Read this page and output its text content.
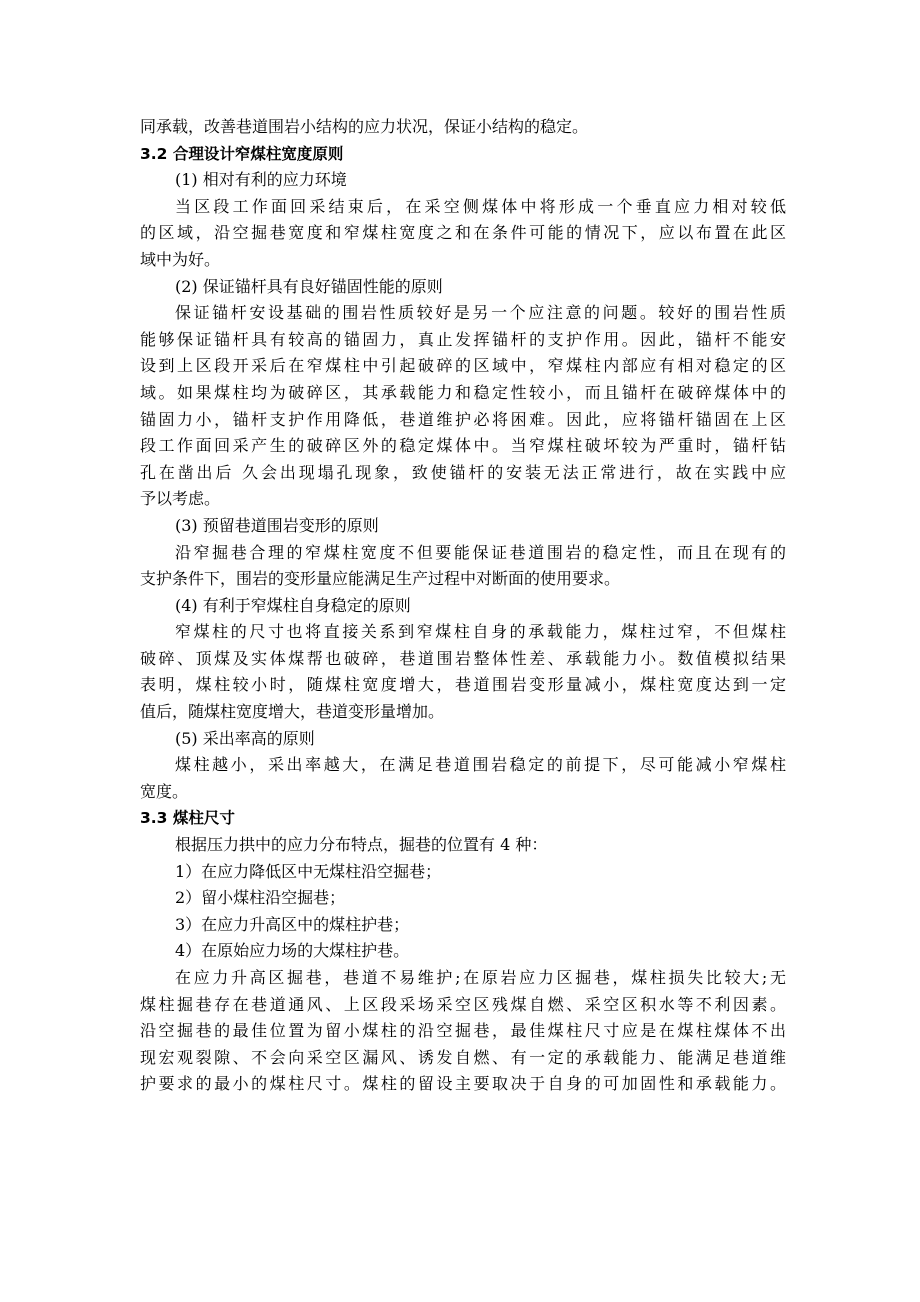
同承载，改善巷道围岩小结构的应力状况，保证小结构的稳定。
3.2 合理设计窄煤柱宽度原则
(1) 相对有利的应力环境
当区段工作面回采结束后，在采空侧煤体中将形成一个垂直应力相对较低
的区域，沿空掘巷宽度和窄煤柱宽度之和在条件可能的情况下，应以布置在此区
域中为好。
(2) 保证锚杆具有良好锚固性能的原则
保证锚杆安设基础的围岩性质较好是另一个应注意的问题。较好的围岩性质
能够保证锚杆具有较高的锚固力，真止发挥锚杆的支护作用。因此，锚杆不能安
设到上区段开采后在窄煤柱中引起破碎的区域中，窄煤柱内部应有相对稳定的区
域。如果煤柱均为破碎区，其承载能力和稳定性较小，而且锚杆在破碎煤体中的
锚固力小，锚杆支护作用降低，巷道维护必将困难。因此，应将锚杆锚固在上区
段工作面回采产生的破碎区外的稳定煤体中。当窄煤柱破坏较为严重时，锚杆钻
孔在凿出后 久会出现塌孔现象，致使锚杆的安装无法正常进行，故在实践中应
予以考虑。
(3) 预留巷道围岩变形的原则
沿窄掘巷合理的窄煤柱宽度不但要能保证巷道围岩的稳定性，而且在现有的
支护条件下，围岩的变形量应能满足生产过程中对断面的使用要求。
(4) 有利于窄煤柱自身稳定的原则
窄煤柱的尺寸也将直接关系到窄煤柱自身的承载能力，煤柱过窄，不但煤柱
破碎、顶煤及实体煤帮也破碎，巷道围岩整体性差、承载能力小。数值模拟结果
表明，煤柱较小时，随煤柱宽度增大，巷道围岩变形量减小，煤柱宽度达到一定
值后，随煤柱宽度增大，巷道变形量增加。
(5) 采出率高的原则
煤柱越小，采出率越大，在满足巷道围岩稳定的前提下，尽可能减小窄煤柱
宽度。
3.3 煤柱尺寸
根据压力拱中的应力分布特点，掘巷的位置有 4 种：
1）在应力降低区中无煤柱沿空掘巷；
2）留小煤柱沿空掘巷；
3）在应力升高区中的煤柱护巷；
4）在原始应力场的大煤柱护巷。
在应力升高区掘巷，巷道不易维护;在原岩应力区掘巷，煤柱损失比较大;无
煤柱掘巷存在巷道通风、上区段采场采空区残煤自燃、采空区积水等不利因素。
沿空掘巷的最佳位置为留小煤柱的沿空掘巷，最佳煤柱尺寸应是在煤柱煤体不出
现宏观裂隙、不会向采空区漏风、诱发自燃、有一定的承载能力、能满足巷道维
护要求的最小的煤柱尺寸。煤柱的留设主要取决于自身的可加固性和承载能力。
